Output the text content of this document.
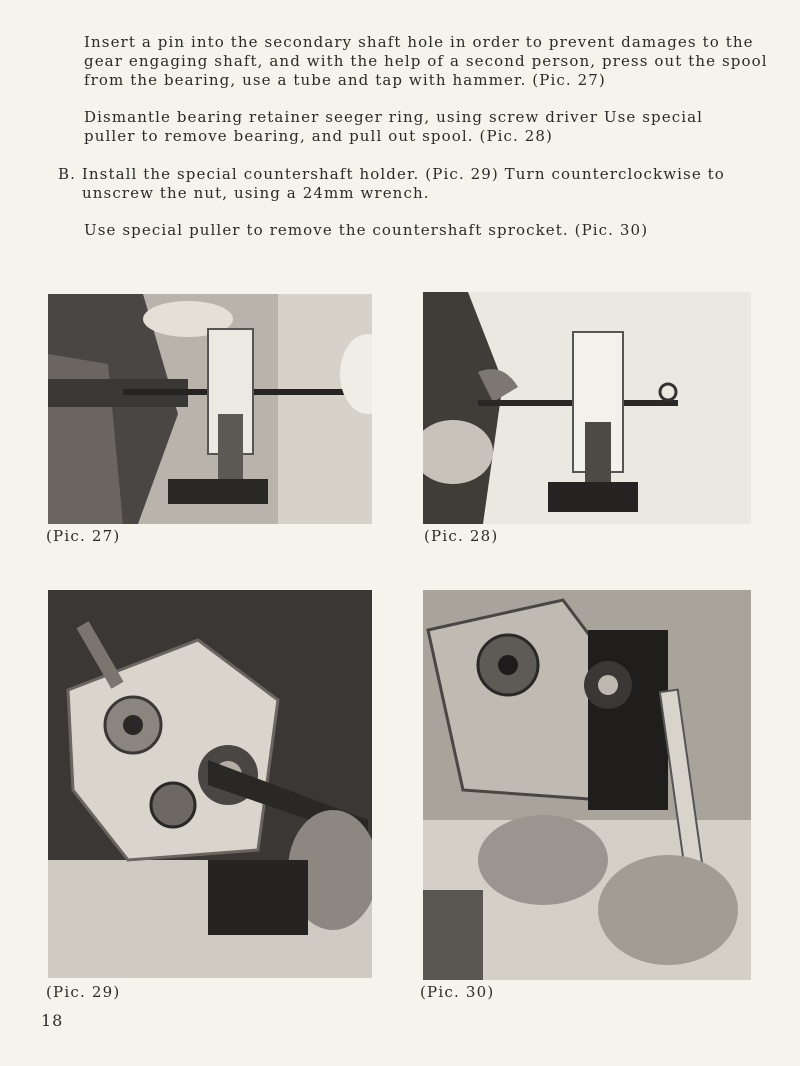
Insert a pin into the secondary shaft hole in order to prevent damages to the
gear engaging shaft, and with the help of a second person, press out the spool
from the bearing, use a tube and tap with hammer. (Pic. 27)
Dismantle bearing retainer seeger ring, using screw driver Use special
puller to remove bearing, and pull out spool. (Pic. 28)
B. Install the special countershaft holder. (Pic. 29) Turn counterclockwise to
unscrew the nut, using a 24mm wrench.
Use special puller to remove the countershaft sprocket. (Pic. 30)
(Pic. 27)	(Pic. 28)
(Pic. 29)	(Pic. 30)
18
